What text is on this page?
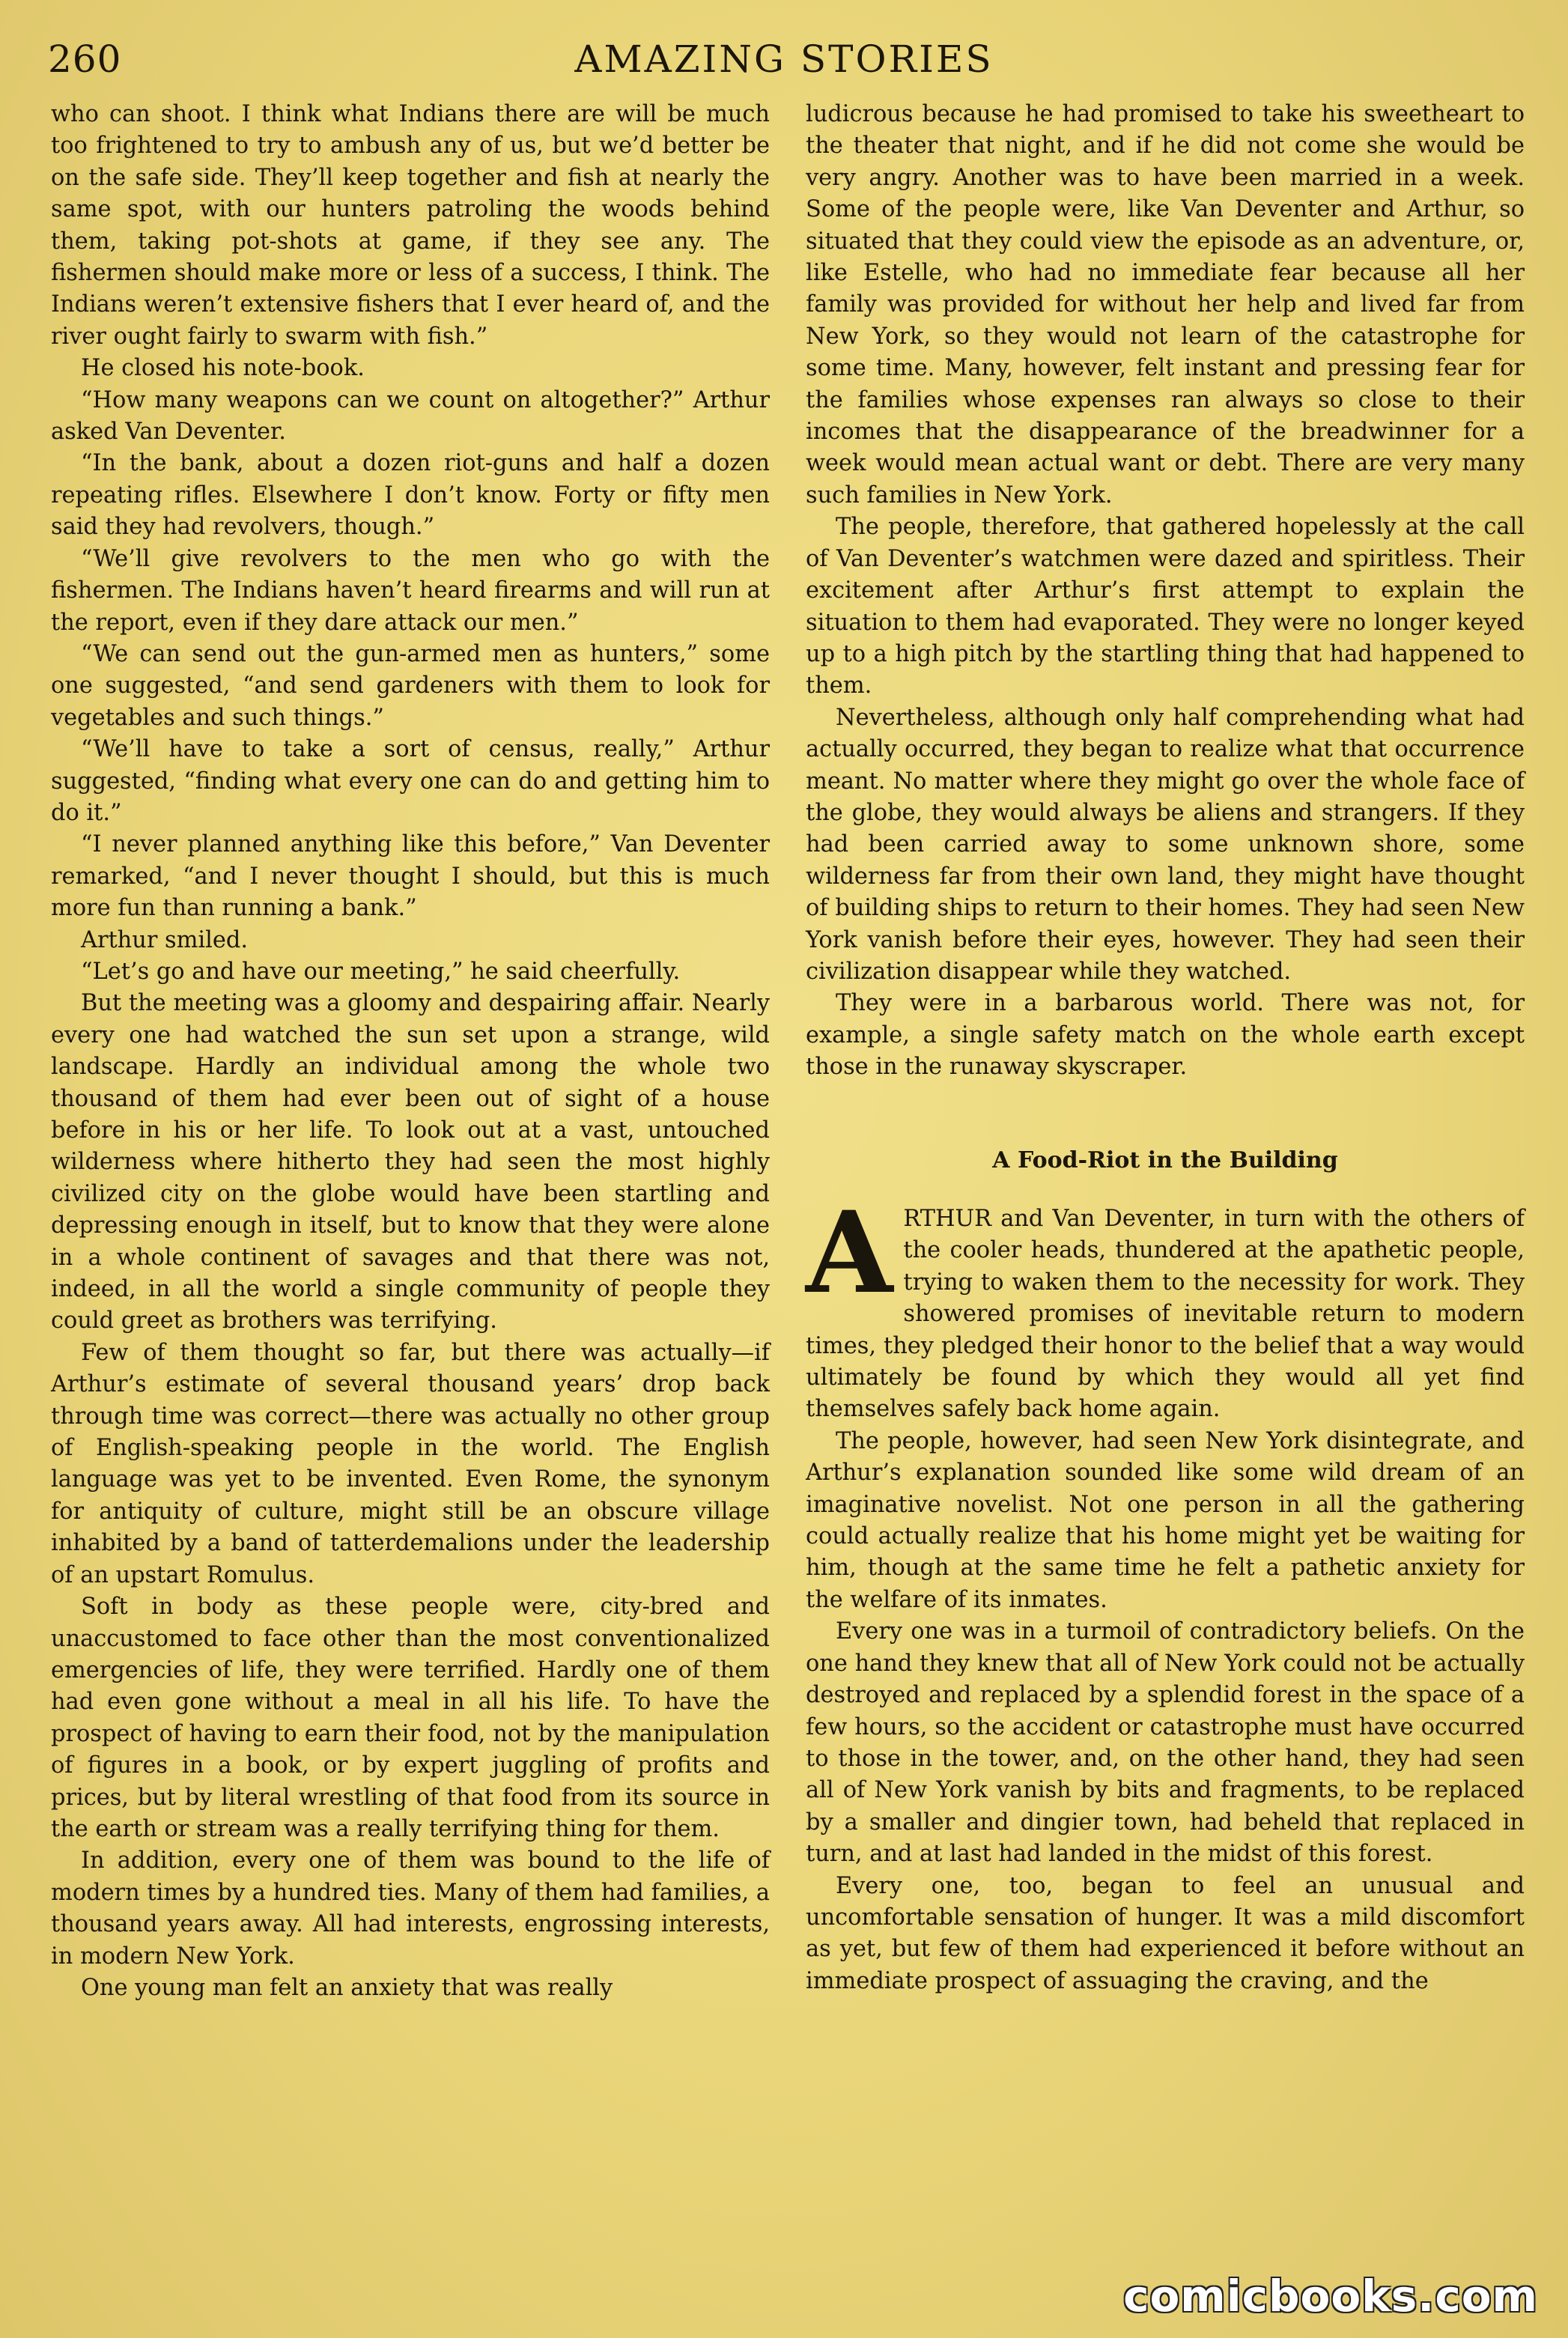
260	AMAZING STORIES

who can shoot. I think what Indians there are will be much too frightened to try to ambush any of us, but we’d better be on the safe side. They’ll keep together and fish at nearly the same spot, with our hunters patroling the woods behind them, taking pot-shots at game, if they see any. The fishermen should make more or less of a success, I think. The Indians weren’t extensive fishers that I ever heard of, and the river ought fairly to swarm with fish.”

He closed his note-book.

“How many weapons can we count on altogether?” Arthur asked Van Deventer.

“In the bank, about a dozen riot-guns and half a dozen repeating rifles. Elsewhere I don’t know. Forty or fifty men said they had revolvers, though.”

“We’ll give revolvers to the men who go with the fishermen. The Indians haven’t heard firearms and will run at the report, even if they dare attack our men.”

“We can send out the gun-armed men as hunters,” some one suggested, “and send gardeners with them to look for vegetables and such things.”

“We’ll have to take a sort of census, really,” Arthur suggested, “finding what every one can do and getting him to do it.”

“I never planned anything like this before,” Van Deventer remarked, “and I never thought I should, but this is much more fun than running a bank.”

Arthur smiled.

“Let’s go and have our meeting,” he said cheerfully.

But the meeting was a gloomy and despairing affair. Nearly every one had watched the sun set upon a strange, wild landscape. Hardly an individual among the whole two thousand of them had ever been out of sight of a house before in his or her life. To look out at a vast, untouched wilderness where hitherto they had seen the most highly civilized city on the globe would have been startling and depressing enough in itself, but to know that they were alone in a whole continent of savages and that there was not, indeed, in all the world a single community of people they could greet as brothers was terrifying.

Few of them thought so far, but there was actually—if Arthur’s estimate of several thousand years’ drop back through time was correct—there was actually no other group of English-speaking people in the world. The English language was yet to be invented. Even Rome, the synonym for antiquity of culture, might still be an obscure village inhabited by a band of tatterdemalions under the leadership of an upstart Romulus.

Soft in body as these people were, city-bred and unaccustomed to face other than the most conventionalized emergencies of life, they were terrified. Hardly one of them had even gone without a meal in all his life. To have the prospect of having to earn their food, not by the manipulation of figures in a book, or by expert juggling of profits and prices, but by literal wrestling of that food from its source in the earth or stream was a really terrifying thing for them.

In addition, every one of them was bound to the life of modern times by a hundred ties. Many of them had families, a thousand years away. All had interests, engrossing interests, in modern New York.

One young man felt an anxiety that was really

ludicrous because he had promised to take his sweetheart to the theater that night, and if he did not come she would be very angry. Another was to have been married in a week. Some of the people were, like Van Deventer and Arthur, so situated that they could view the episode as an adventure, or, like Estelle, who had no immediate fear because all her family was provided for without her help and lived far from New York, so they would not learn of the catastrophe for some time. Many, however, felt instant and pressing fear for the families whose expenses ran always so close to their incomes that the disappearance of the breadwinner for a week would mean actual want or debt. There are very many such families in New York.

The people, therefore, that gathered hopelessly at the call of Van Deventer’s watchmen were dazed and spiritless. Their excitement after Arthur’s first attempt to explain the situation to them had evaporated. They were no longer keyed up to a high pitch by the startling thing that had happened to them.

Nevertheless, although only half comprehending what had actually occurred, they began to realize what that occurrence meant. No matter where they might go over the whole face of the globe, they would always be aliens and strangers. If they had been carried away to some unknown shore, some wilderness far from their own land, they might have thought of building ships to return to their homes. They had seen New York vanish before their eyes, however. They had seen their civilization disappear while they watched.

They were in a barbarous world. There was not, for example, a single safety match on the whole earth except those in the runaway skyscraper.

A Food-Riot in the Building

ARTHUR and Van Deventer, in turn with the others of the cooler heads, thundered at the apathetic people, trying to waken them to the necessity for work. They showered promises of inevitable return to modern times, they pledged their honor to the belief that a way would ultimately be found by which they would all yet find themselves safely back home again.

The people, however, had seen New York disintegrate, and Arthur’s explanation sounded like some wild dream of an imaginative novelist. Not one person in all the gathering could actually realize that his home might yet be waiting for him, though at the same time he felt a pathetic anxiety for the welfare of its inmates.

Every one was in a turmoil of contradictory beliefs. On the one hand they knew that all of New York could not be actually destroyed and replaced by a splendid forest in the space of a few hours, so the accident or catastrophe must have occurred to those in the tower, and, on the other hand, they had seen all of New York vanish by bits and fragments, to be replaced by a smaller and dingier town, had beheld that replaced in turn, and at last had landed in the midst of this forest.

Every one, too, began to feel an unusual and uncomfortable sensation of hunger. It was a mild discomfort as yet, but few of them had experienced it before without an immediate prospect of assuaging the craving, and the

comicbooks.com
